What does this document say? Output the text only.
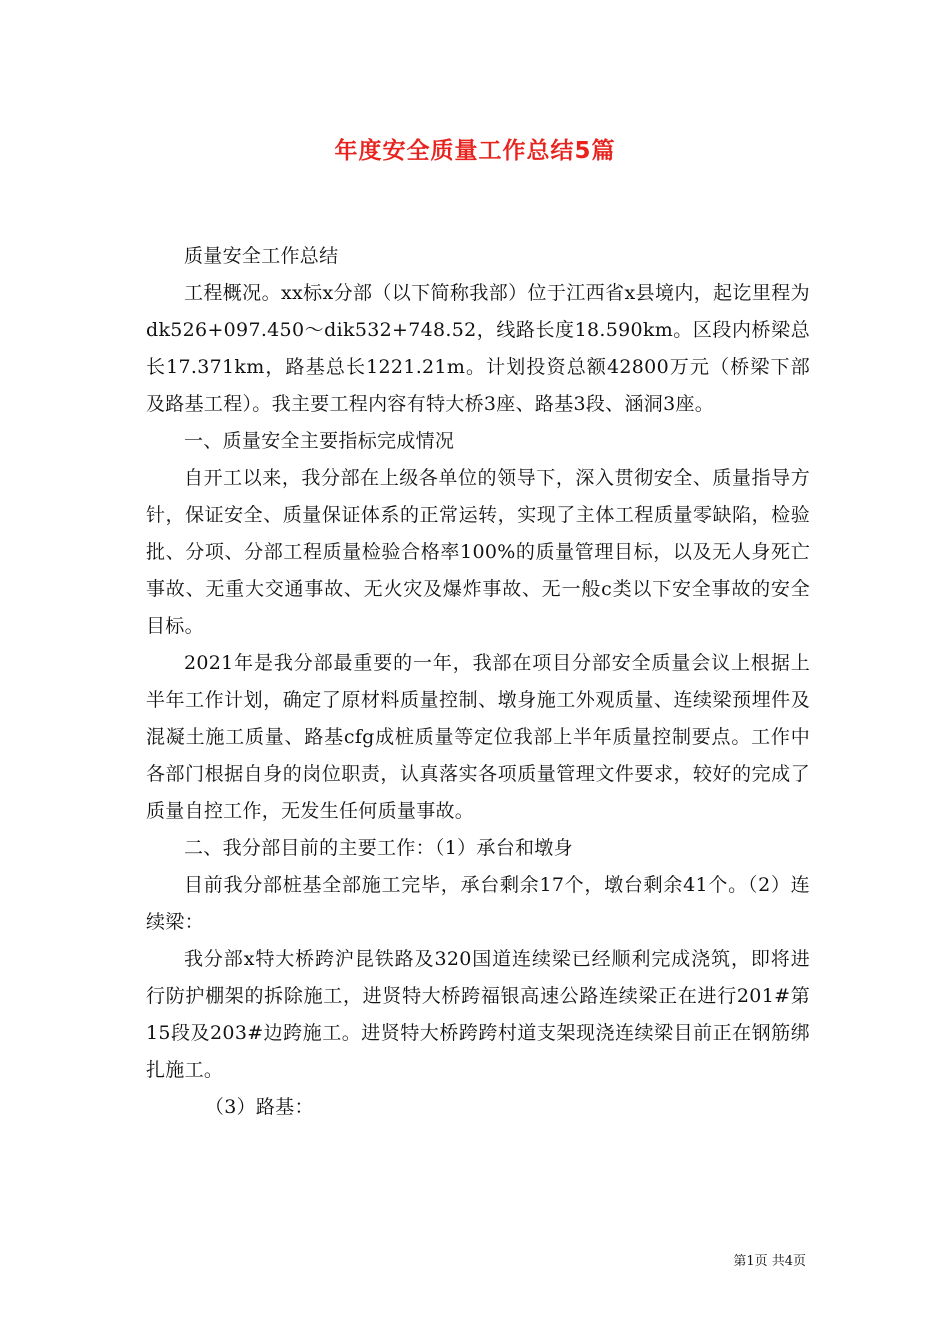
年度安全质量工作总结5篇

质量安全工作总结

工程概况。xx标x分部（以下简称我部）位于江西省x县境内，起讫里程为dk526+097.450～dik532+748.52，线路长度18.590km。区段内桥梁总长17.371km，路基总长1221.21m。计划投资总额42800万元（桥梁下部及路基工程）。我主要工程内容有特大桥3座、路基3段、涵洞3座。

一、质量安全主要指标完成情况

自开工以来，我分部在上级各单位的领导下，深入贯彻安全、质量指导方针，保证安全、质量保证体系的正常运转，实现了主体工程质量零缺陷，检验批、分项、分部工程质量检验合格率100%的质量管理目标，以及无人身死亡事故、无重大交通事故、无火灾及爆炸事故、无一般c类以下安全事故的安全目标。

2021年是我分部最重要的一年，我部在项目分部安全质量会议上根据上半年工作计划，确定了原材料质量控制、墩身施工外观质量、连续梁预埋件及混凝土施工质量、路基cfg成桩质量等定位我部上半年质量控制要点。工作中各部门根据自身的岗位职责，认真落实各项质量管理文件要求，较好的完成了质量自控工作，无发生任何质量事故。

二、我分部目前的主要工作：（1）承台和墩身

目前我分部桩基全部施工完毕，承台剩余17个，墩台剩余41个。（2）连续梁：

我分部x特大桥跨沪昆铁路及320国道连续梁已经顺利完成浇筑，即将进行防护棚架的拆除施工，进贤特大桥跨福银高速公路连续梁正在进行201#第15段及203#边跨施工。进贤特大桥跨跨村道支架现浇连续梁目前正在钢筋绑扎施工。

（3）路基：

第1页 共4页
